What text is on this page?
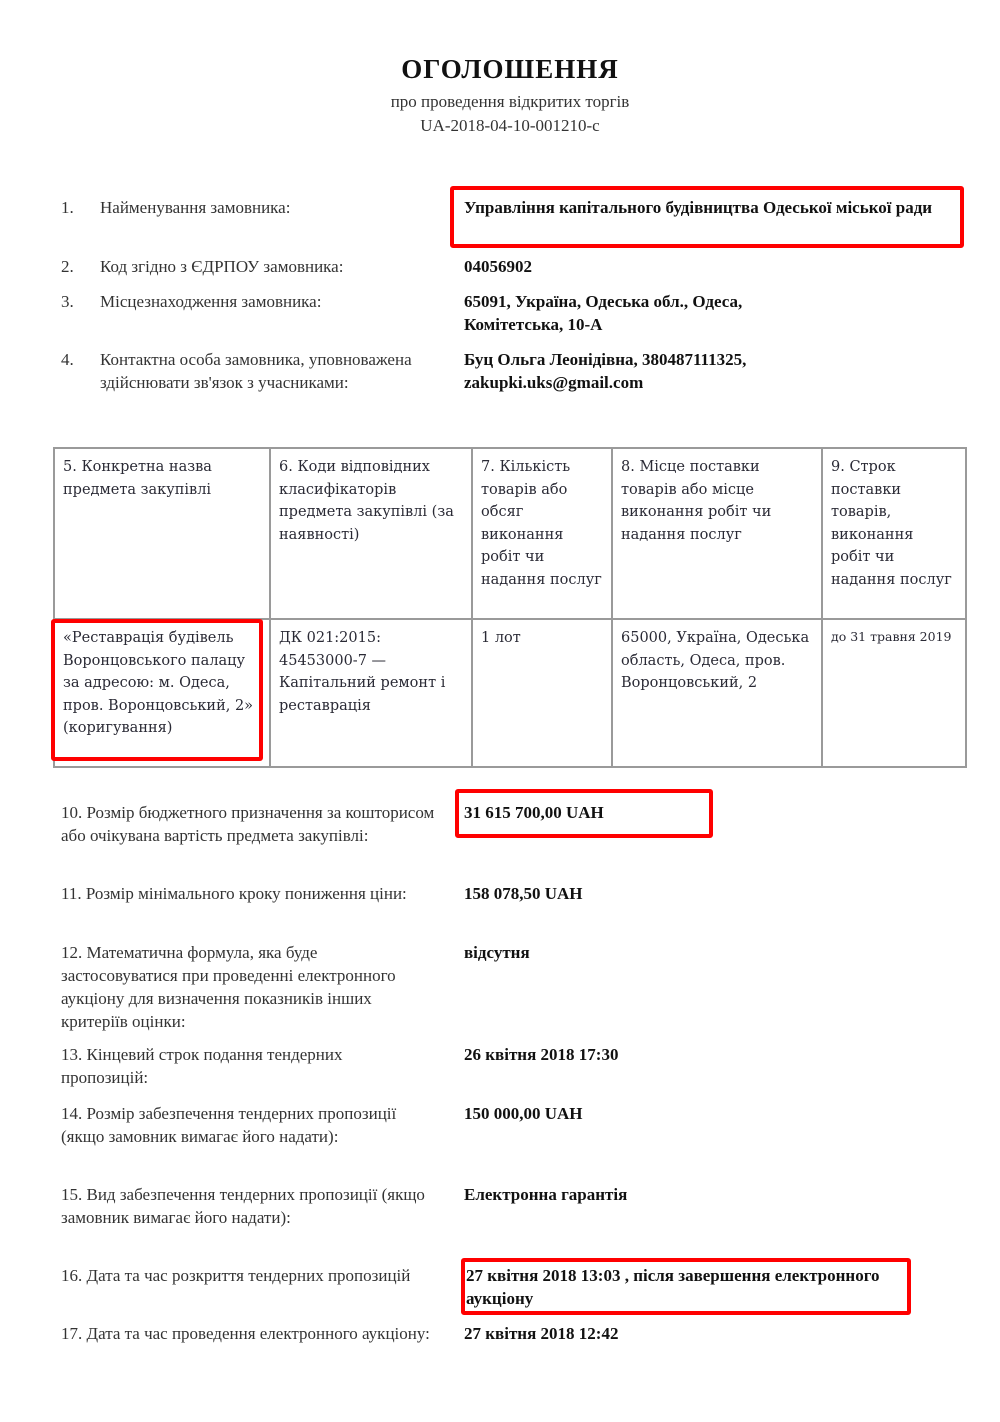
ОГОЛОШЕННЯ
про проведення відкритих торгів
UA-2018-04-10-001210-c
1. Найменування замовника:	Управління капітального будівництва Одеської міської ради
2. Код згідно з ЄДРПОУ замовника:	04056902
3. Місцезнаходження замовника:	65091, Україна, Одеська обл., Одеса, Комітетська, 10-А
4. Контактна особа замовника, уповноважена здійснювати зв'язок з учасниками:
Буц Ольга Леонідівна, 380487111325, zakupki.uks@gmail.com
5. Конкретна назва предмета закупівлі	6. Коди відповідних класифікаторів предмета закупівлі (за наявності)	7. Кількість товарів або обсяг виконання робіт чи надання послуг	8. Місце поставки товарів або місце виконання робіт чи надання послуг	9. Строк поставки товарів, виконання робіт чи надання послуг
«Реставрація будівель Воронцовського палацу за адресою: м. Одеса, пров. Воронцовський, 2» (коригування)	ДК 021:2015: 45453000-7 — Капітальний ремонт і реставрація	1 лот	65000, Україна, Одеська область, Одеса, пров. Воронцовський, 2	до 31 травня 2019
10. Розмір бюджетного призначення за кошторисом або очікувана вартість предмета закупівлі:
31 615 700,00 UAH
11. Розмір мінімального кроку пониження ціни:	158 078,50 UAH
12. Математична формула, яка буде застосовуватися при проведенні електронного аукціону для визначення показників інших критеріїв оцінки:
відсутня
13. Кінцевий строк подання тендерних пропозицій:
26 квітня 2018 17:30
14. Розмір забезпечення тендерних пропозиції (якщо замовник вимагає його надати):
150 000,00 UAH
15. Вид забезпечення тендерних пропозиції (якщо замовник вимагає його надати):
Електронна гарантія
16. Дата та час розкриття тендерних пропозицій	27 квітня 2018 13:03 , після завершення електронного аукціону
17. Дата та час проведення електронного аукціону:	27 квітня 2018 12:42
